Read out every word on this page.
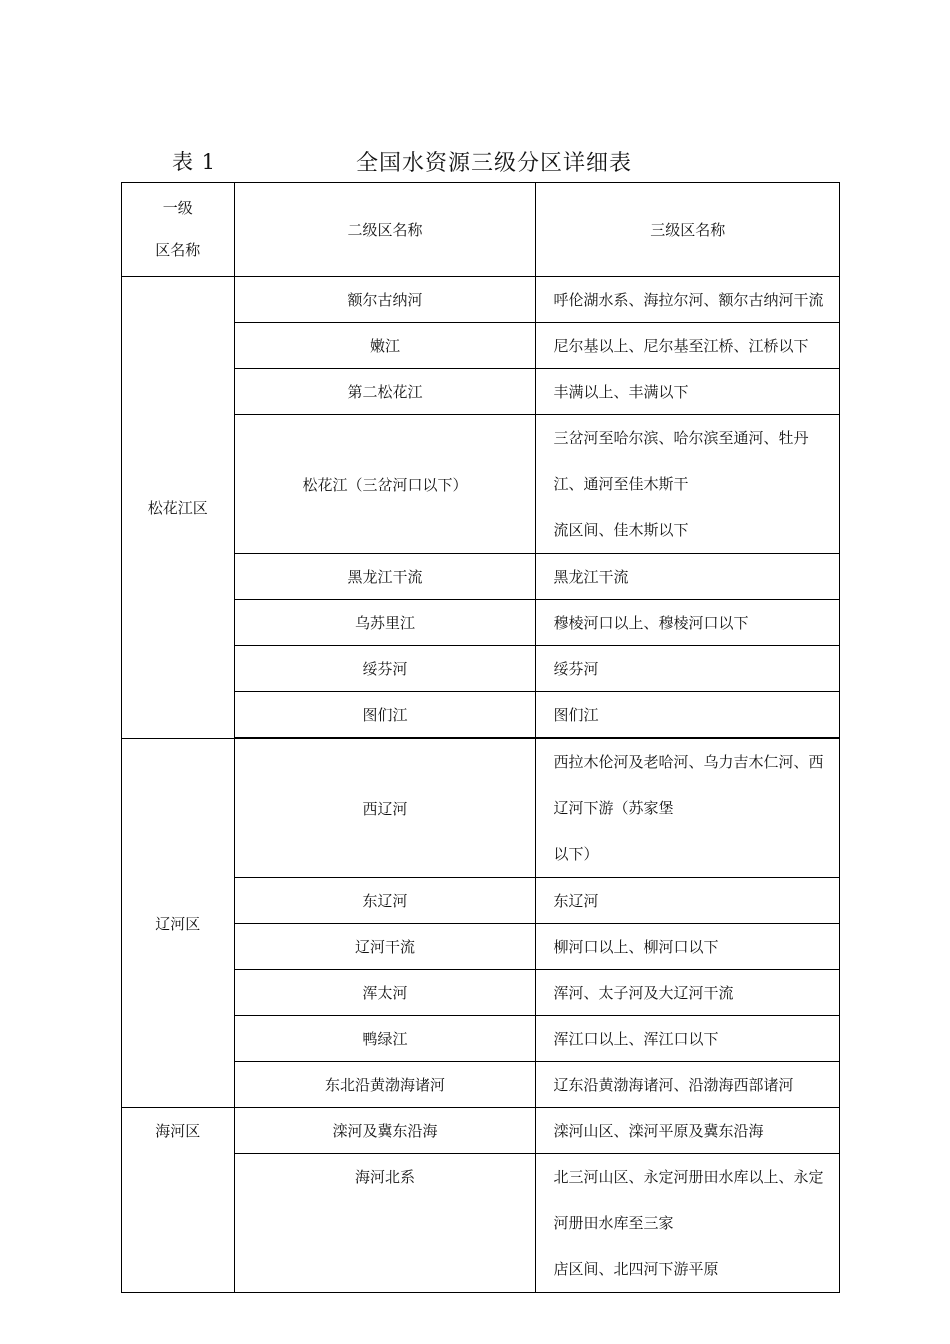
表 1	全国水资源三级分区详细表
一级
区名称	二级区名称	三级区名称
松花江区	额尔古纳河	呼伦湖水系、海拉尔河、额尔古纳河干流
	嫩江	尼尔基以上、尼尔基至江桥、江桥以下
	第二松花江	丰满以上、丰满以下
	松花江（三岔河口以下）	三岔河至哈尔滨、哈尔滨至通河、牡丹江、通河至佳木斯干
流区间、佳木斯以下

	黑龙江干流	黑龙江干流
	乌苏里江	穆棱河口以上、穆棱河口以下
	绥芬河	绥芬河
	图们江	图们江

辽河区	西辽河	西拉木伦河及老哈河、乌力吉木仁河、西辽河下游（苏家堡
以下）

	东辽河	东辽河
	辽河干流	柳河口以上、柳河口以下
	浑太河	浑河、太子河及大辽河干流
	鸭绿江	浑江口以上、浑江口以下
	东北沿黄渤海诸河	辽东沿黄渤海诸河、沿渤海西部诸河
海河区	滦河及冀东沿海	滦河山区、滦河平原及冀东沿海
	海河北系	北三河山区、永定河册田水库以上、永定河册田水库至三家
店区间、北四河下游平原
